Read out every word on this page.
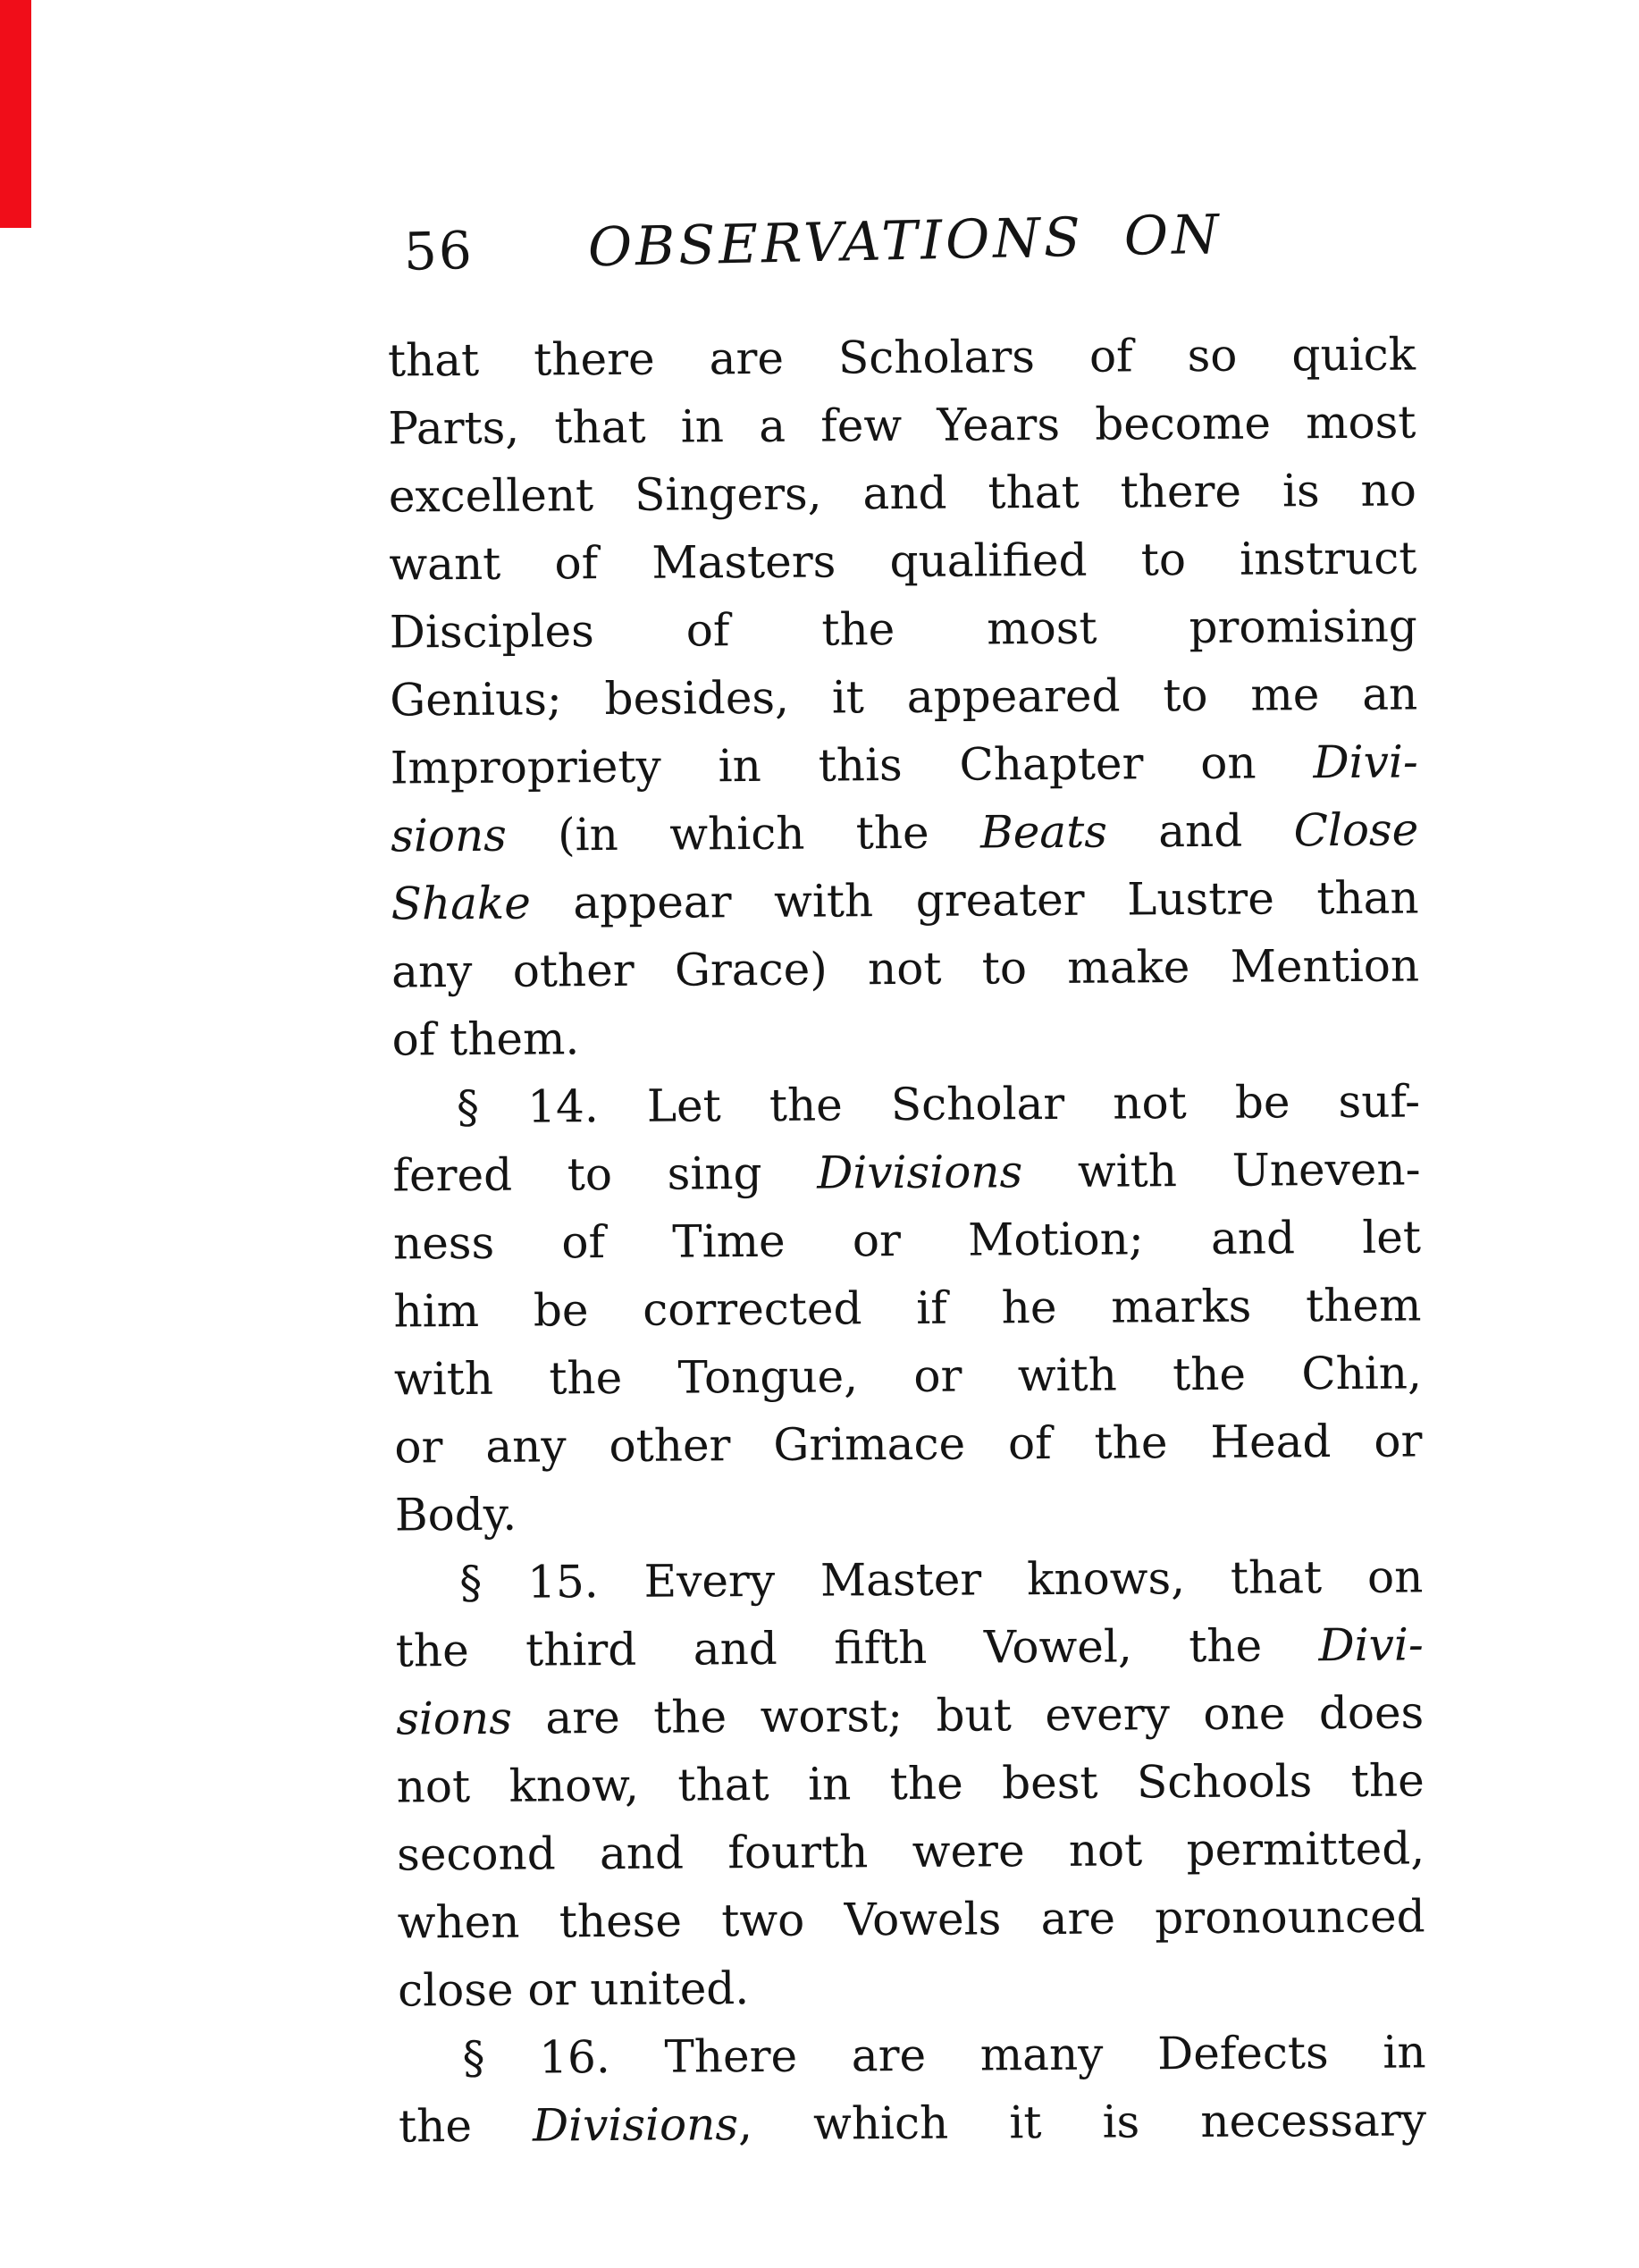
56 OBSERVATIONS ON
that there are Scholars of so quick
Parts, that in a few Years become most
excellent Singers, and that there is no
want of Masters qualified to instruct
Disciples of the most promising
Genius; besides, it appeared to me an
Impropriety in this Chapter on Divi-
sions (in which the Beats and Close
Shake appear with greater Lustre than
any other Grace) not to make Mention
of them.
§ 14. Let the Scholar not be suf-
fered to sing Divisions with Uneven-
ness of Time or Motion; and let
him be corrected if he marks them
with the Tongue, or with the Chin,
or any other Grimace of the Head or
Body.
§ 15. Every Master knows, that on
the third and fifth Vowel, the Divi-
sions are the worst; but every one does
not know, that in the best Schools the
second and fourth were not permitted,
when these two Vowels are pronounced
close or united.
§ 16. There are many Defects in
the Divisions, which it is necessary
